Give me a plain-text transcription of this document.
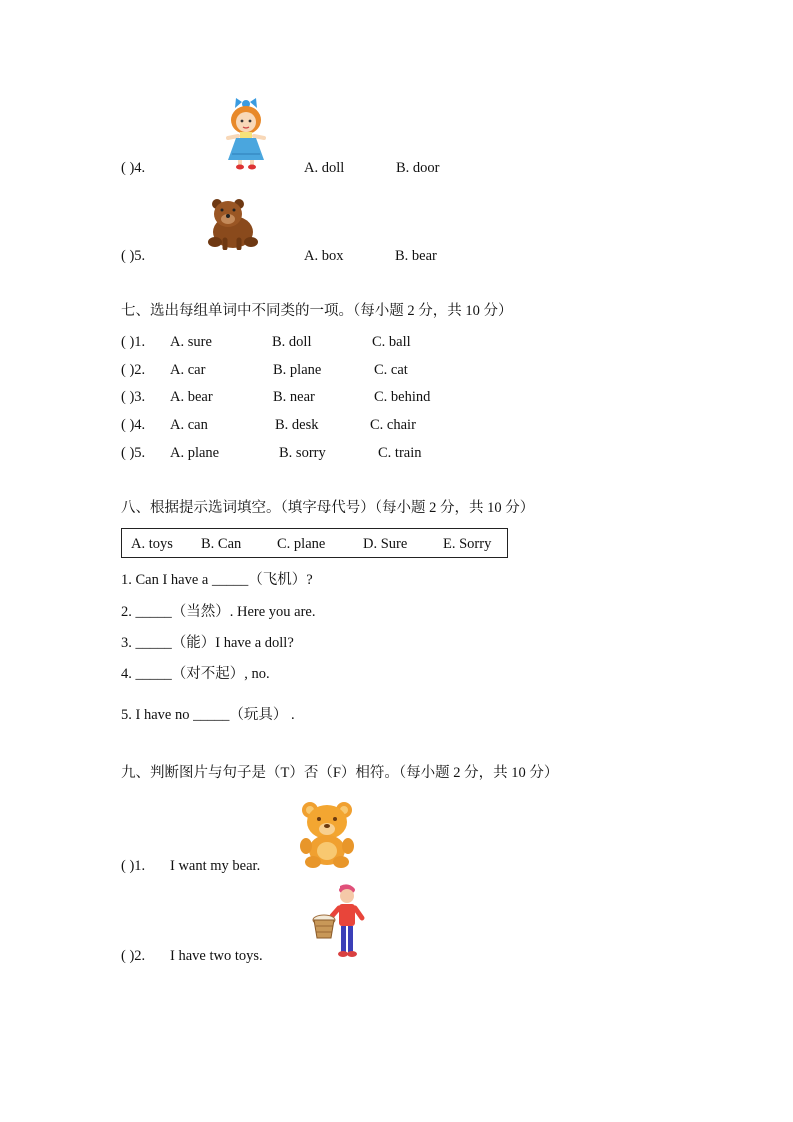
( )4.	A. doll	B. door
( )5.	A. box	B. bear
七、选出每组单词中不同类的一项。（每小题 2 分，共 10 分）
( )1. A. sure	B. doll	C. ball
( )2. A. car	B. plane	C. cat
( )3. A. bear	B. near	C. behind
( )4. A. can	B. desk	C. chair
( )5. A. plane	B. sorry	C. train
八、根据提示选词填空。（填字母代号）（每小题 2 分，共 10 分）
A. toys B. Can C. plane	D. Sure E. Sorry
1. Can I have a _____（飞机）?
2. _____（当然）. Here you are.
3. _____（能）I have a doll?
4. _____（对不起）, no.
5. I have no _____（玩具） .
九、判断图片与句子是（T）否（F）相符。（每小题 2 分，共 10 分）
( )1. I want my bear.
( )2. I have two toys.
